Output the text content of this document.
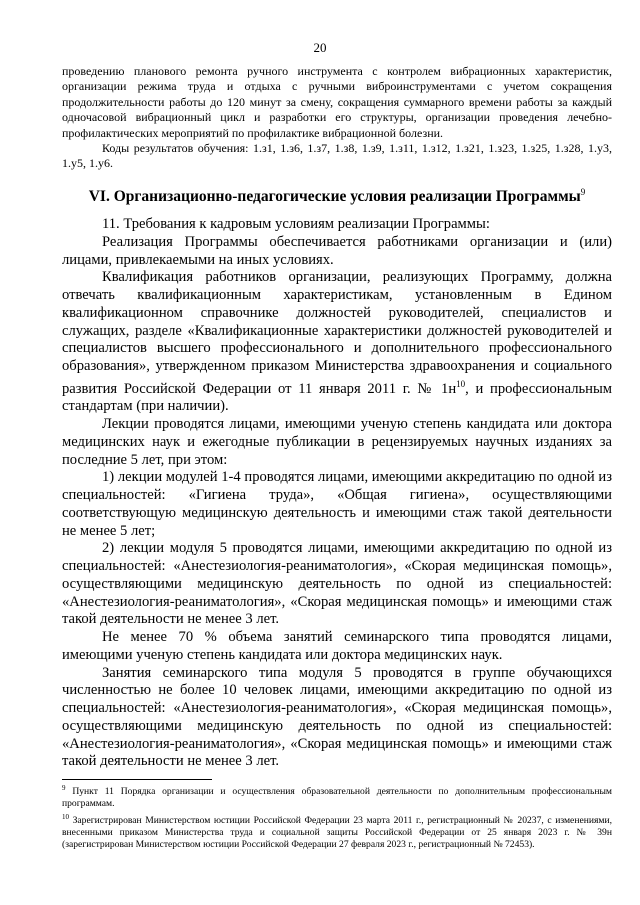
20

проведению планового ремонта ручного инструмента с контролем вибрационных характеристик, организации режима труда и отдыха с ручными виброинструментами с учетом сокращения продолжительности работы до 120 минут за смену, сокращения суммарного времени работы за каждый одночасовой вибрационный цикл и разработки его структуры, организации проведения лечебно-профилактических мероприятий по профилактике вибрационной болезни.

Коды результатов обучения: 1.з1, 1.з6, 1.з7, 1.з8, 1.з9, 1.з11, 1.з12, 1.з21, 1.з23, 1.з25, 1.з28, 1.у3, 1.у5, 1.у6.

VI. Организационно-педагогические условия реализации Программы$^9$

11. Требования к кадровым условиям реализации Программы:

Реализация Программы обеспечивается работниками организации и (или) лицами, привлекаемыми на иных условиях.

Квалификация работников организации, реализующих Программу, должна отвечать квалификационным характеристикам, установленным в Едином квалификационном справочнике должностей руководителей, специалистов и служащих, разделе «Квалификационные характеристики должностей руководителей и специалистов высшего профессионального и дополнительного профессионального образования», утвержденном приказом Министерства здравоохранения и социального развития Российской Федерации от 11 января 2011 г. № $1н^{10}$, и профессиональным стандартам (при наличии).

Лекции проводятся лицами, имеющими ученую степень кандидата или доктора медицинских наук и ежегодные публикации в рецензируемых научных изданиях за последние 5 лет, при этом:

1) лекции модулей 1-4 проводятся лицами, имеющими аккредитацию по одной из специальностей: «Гигиена труда», «Общая гигиена», осуществляющими соответствующую медицинскую деятельность и имеющими стаж такой деятельности не менее 5 лет;

2) лекции модуля 5 проводятся лицами, имеющими аккредитацию по одной из специальностей: «Анестезиология-реаниматология», «Скорая медицинская помощь», осуществляющими медицинскую деятельность по одной из специальностей: «Анестезиология-реаниматология», «Скорая медицинская помощь» и имеющими стаж такой деятельности не менее 3 лет.

Не менее 70 % объема занятий семинарского типа проводятся лицами, имеющими ученую степень кандидата или доктора медицинских наук.

Занятия семинарского типа модуля 5 проводятся в группе обучающихся численностью не более 10 человек лицами, имеющими аккредитацию по одной из специальностей: «Анестезиология-реаниматология», «Скорая медицинская помощь», осуществляющими медицинскую деятельность по одной из специальностей: «Анестезиология-реаниматология», «Скорая медицинская помощь» и имеющими стаж такой деятельности не менее 3 лет.

$^9$ Пункт 11 Порядка организации и осуществления образовательной деятельности по дополнительным профессиональным программам.

$^{10}$ Зарегистрирован Министерством юстиции Российской Федерации 23 марта 2011 г., регистрационный № 20237, с изменениями, внесенными приказом Министерства труда и социальной защиты Российской Федерации от 25 января 2023 г. № 39н (зарегистрирован Министерством юстиции Российской Федерации 27 февраля 2023 г., регистрационный № 72453).
